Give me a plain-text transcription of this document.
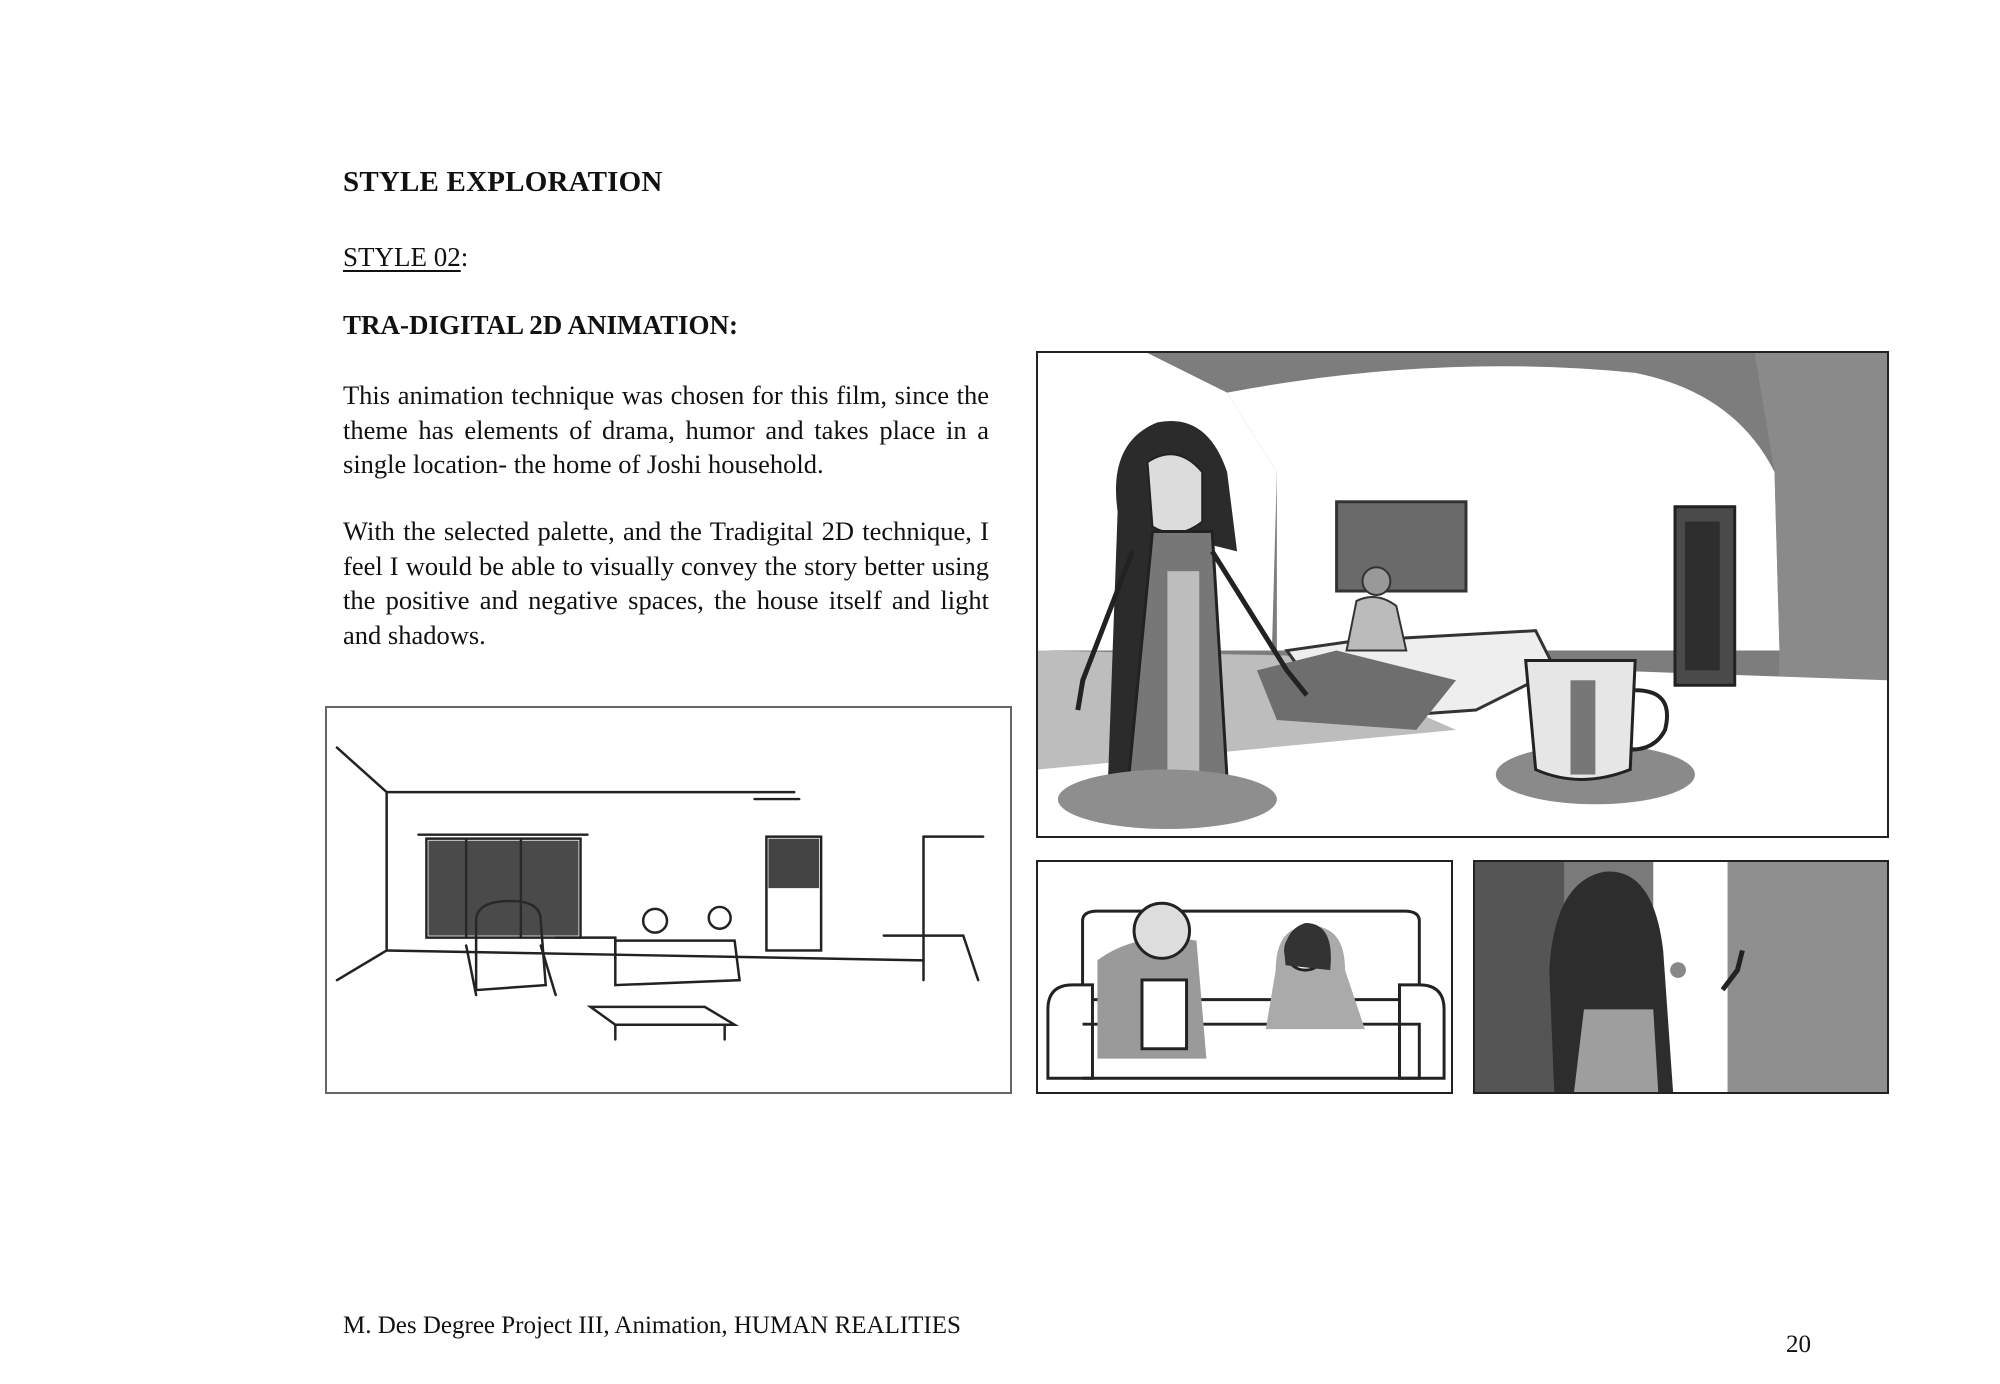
STYLE EXPLORATION
STYLE 02:
TRA-DIGITAL 2D ANIMATION:
This animation technique was chosen for this film, since the theme has elements of drama, humor and takes place in a single location- the home of Joshi household.
With the selected palette, and the Tradigital 2D technique, I feel I would be able to visually convey the story better using the positive and negative spaces, the house itself and light and shadows.
M. Des Degree Project III, Animation, HUMAN REALITIES
20
